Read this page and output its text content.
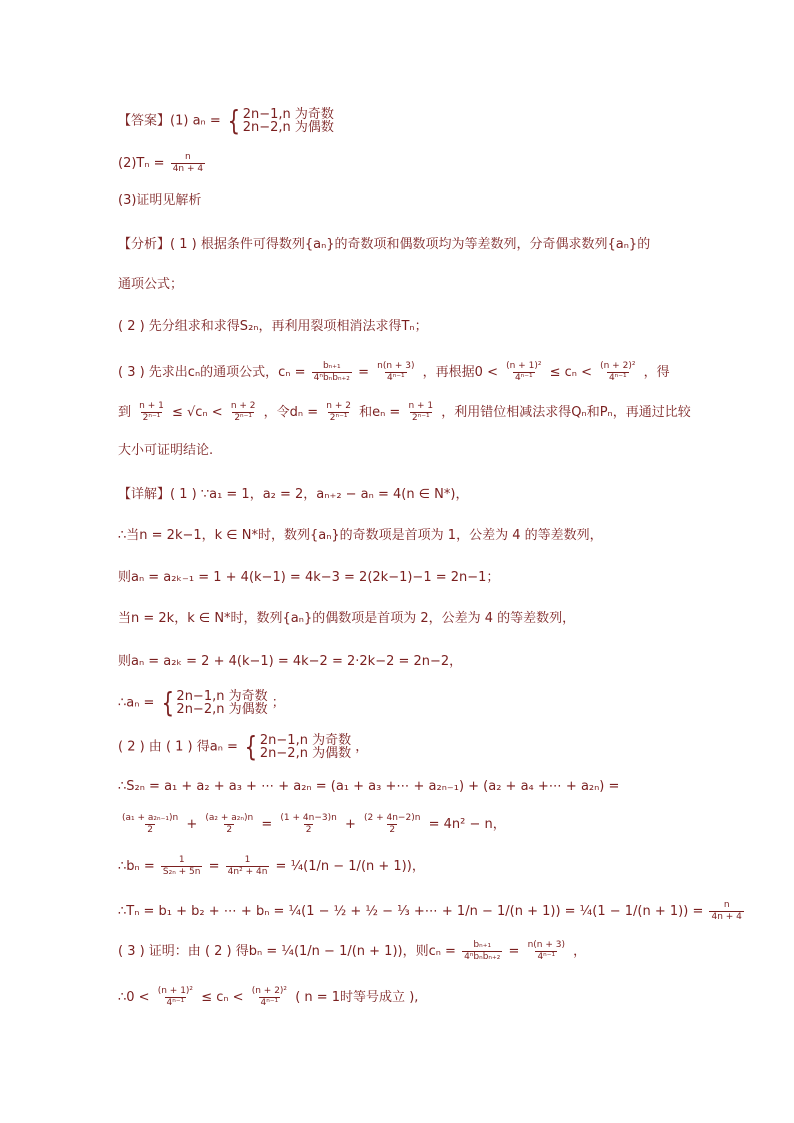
【答案】(1) aₙ = { 2n−1,n 为奇数
2n−2,n 为偶数
$(2)T_n = \frac{n}{4n + 4}$
(3)证明见解析
【分析】( 1 ) 根据条件可得数列{aₙ}的奇数项和偶数项均为等差数列，分奇偶求数列{aₙ}的
通项公式；
( 2 ) 先分组求和求得S₂ₙ，再利用裂项相消法求得Tₙ；
( 3 ) 先求出cₙ的通项公式，$c_n = \frac{\text{bₙ₊₁}}{\text{4ⁿbₙbₙ₊₂}} = \frac{n(n + 3)}{\text{4ⁿ⁻¹}}$ ，再根据$0 < \frac{\text{(n + 1)²}}{\text{4ⁿ⁻¹}} \le c_n < \frac{\text{(n + 2)²}}{\text{4ⁿ⁻¹}}$ ，得
到 $\frac{n + 1}{\text{2ⁿ⁻¹}} \le √c_n < \frac{n + 2}{\text{2ⁿ⁻¹}}$ ，令$d_n = \frac{n + 2}{\text{2ⁿ⁻¹}}$ 和$e_n = \frac{n + 1}{\text{2ⁿ⁻¹}}$ ，利用错位相减法求得Qₙ和Pₙ，再通过比较
大小可证明结论.
【详解】( 1 ) ∵a₁ = 1，a₂ = 2，aₙ₊₂ − aₙ = 4(n ∈ N*)，
∴当n = 2k−1，k ∈ N*时，数列{aₙ}的奇数项是首项为 1，公差为 4 的等差数列，
则aₙ = a₂ₖ₋₁ = 1 + 4(k−1) = 4k−3 = 2(2k−1)−1 = 2n−1；
当n = 2k，k ∈ N*时，数列{aₙ}的偶数项是首项为 2，公差为 4 的等差数列，
则aₙ = a₂ₖ = 2 + 4(k−1) = 4k−2 = 2·2k−2 = 2n−2，
∴aₙ = { 2n−1,n 为奇数
2n−2,n 为偶数 ；
( 2 ) 由 ( 1 ) 得aₙ = { 2n−1,n 为奇数
2n−2,n 为偶数 ，
∴S₂ₙ = a₁ + a₂ + a₃ + ⋯ + a₂ₙ = (a₁ + a₃ +⋯ + a₂ₙ₋₁) + (a₂ + a₄ +⋯ + a₂ₙ) =
$\frac{\text{(a₁ + a₂ₙ₋₁)n}}{2} + \frac{\text{(a₂ + a₂ₙ)n}}{2} = \frac{(1 + 4n-3)n}{2} + \frac{(2 + 4n-2)n}{2} = 4n^2 - n$，
∴bₙ = $\frac{1}{\text{S₂ₙ + 5n}} = \frac{1}{\text{4n² + 4n}}$ = ¼(1/n − 1/(n + 1))，
∴Tₙ = b₁ + b₂ + ⋯ + bₙ = ¼(1 − ½ + ½ − ⅓ +⋯ + 1/n − 1/(n + 1)) = ¼(1 − $1/(n + 1)) = \frac{n}{4n + 4}$
( 3 ) 证明：由 ( 2 ) 得bₙ = ¼(1/n − 1/(n + 1))，则$c_n = \frac{\text{bₙ₊₁}}{\text{4ⁿbₙbₙ₊₂}} = \frac{n(n + 3)}{\text{4ⁿ⁻¹}}$ ，
∴0 < $\frac{\text{(n + 1)²}}{\text{4ⁿ⁻¹}} \le c_n < \frac{\text{(n + 2)²}}{\text{4ⁿ⁻¹}}$ ( n = 1时等号成立 ),
